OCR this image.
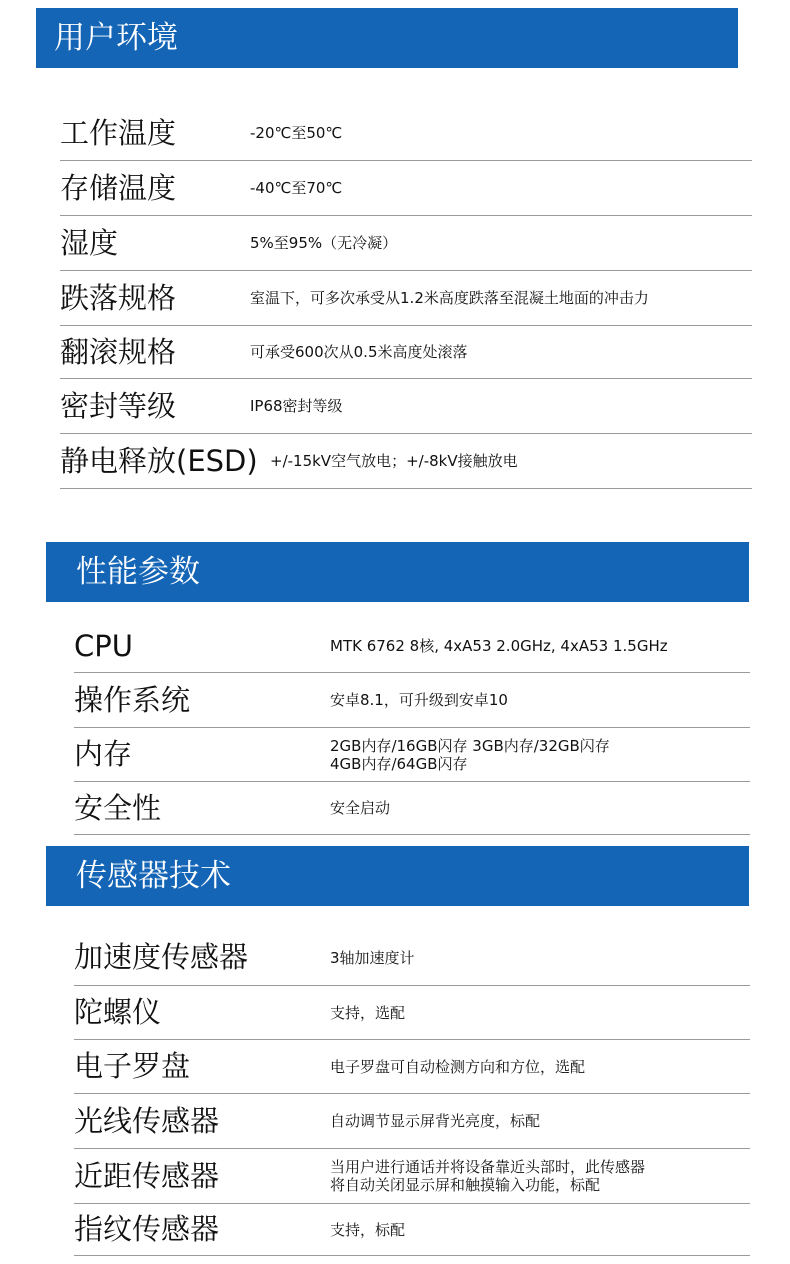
用户环境
工作温度	-20℃至50℃
存储温度	-40℃至70℃
湿度	5%至95%（无冷凝）
跌落规格	室温下，可多次承受从1.2米高度跌落至混凝土地面的冲击力
翻滚规格	可承受600次从0.5米高度处滚落
密封等级	IP68密封等级
静电释放(ESD) +/-15kV空气放电；+/-8kV接触放电
性能参数
CPU	MTK 6762 8核, 4xA53 2.0GHz, 4xA53 1.5GHz
操作系统	安卓8.1，可升级到安卓10
内存	2GB内存/16GB闪存 3GB内存/32GB闪存
4GB内存/64GB闪存
安全性	安全启动
传感器技术
加速度传感器	3轴加速度计
陀螺仪	支持，选配
电子罗盘	电子罗盘可自动检测方向和方位，选配
光线传感器	自动调节显示屏背光亮度，标配
近距传感器	当用户进行通话并将设备靠近头部时，此传感器
将自动关闭显示屏和触摸输入功能，标配
指纹传感器	支持，标配
